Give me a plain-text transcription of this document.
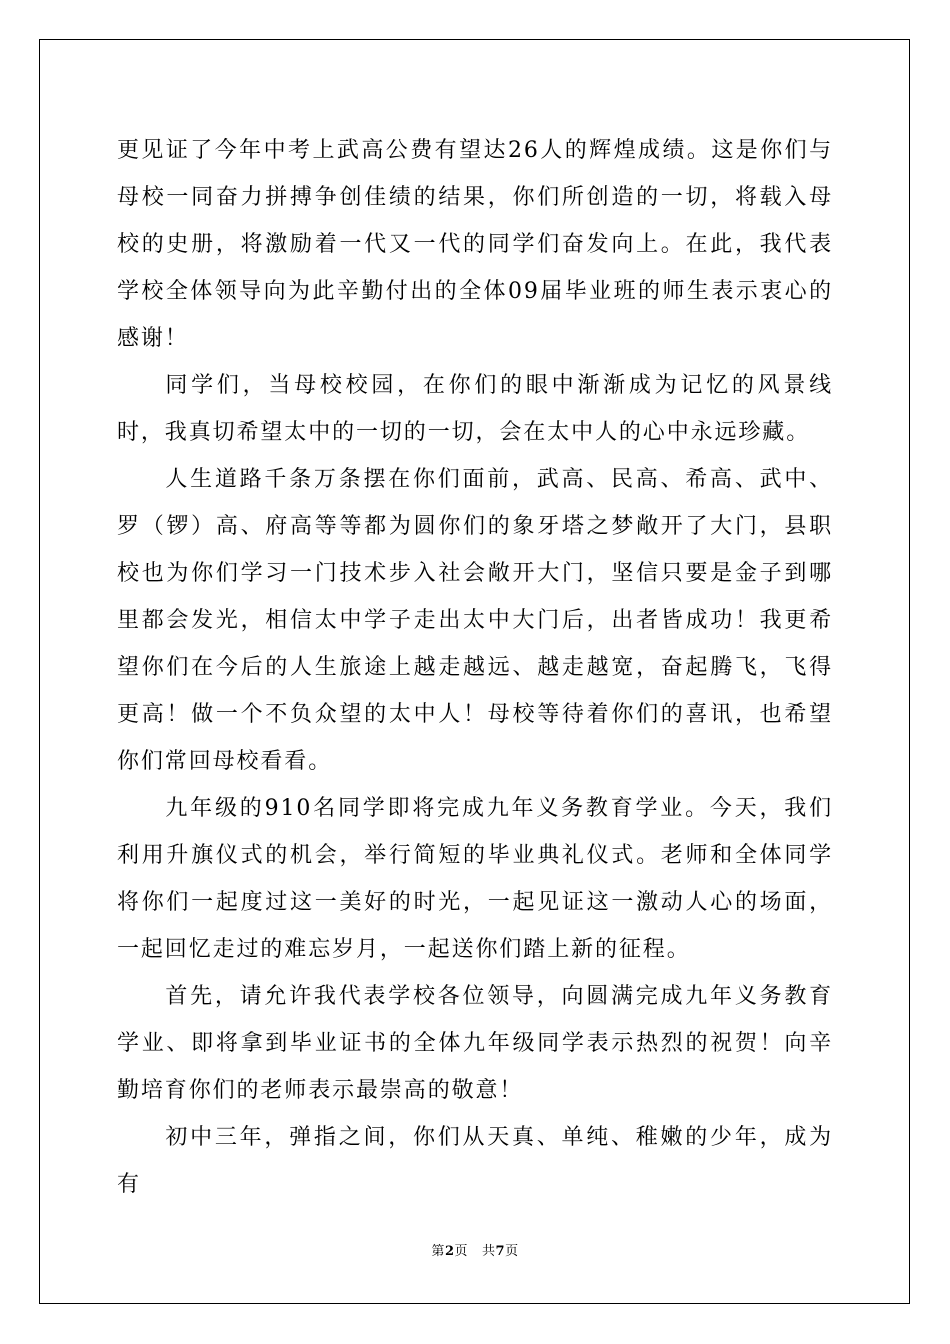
更见证了今年中考上武高公费有望达26人的辉煌成绩。这是你们与母校一同奋力拼搏争创佳绩的结果，你们所创造的一切，将载入母校的史册，将激励着一代又一代的同学们奋发向上。在此，我代表学校全体领导向为此辛勤付出的全体09届毕业班的师生表示衷心的感谢！

同学们，当母校校园，在你们的眼中渐渐成为记忆的风景线时，我真切希望太中的一切的一切，会在太中人的心中永远珍藏。

人生道路千条万条摆在你们面前，武高、民高、希高、武中、罗（锣）高、府高等等都为圆你们的象牙塔之梦敞开了大门，县职校也为你们学习一门技术步入社会敞开大门，坚信只要是金子到哪里都会发光，相信太中学子走出太中大门后，出者皆成功！我更希望你们在今后的人生旅途上越走越远、越走越宽，奋起腾飞，飞得更高！做一个不负众望的太中人！母校等待着你们的喜讯，也希望你们常回母校看看。

九年级的910名同学即将完成九年义务教育学业。今天，我们利用升旗仪式的机会，举行简短的毕业典礼仪式。老师和全体同学将你们一起度过这一美好的时光，一起见证这一激动人心的场面，一起回忆走过的难忘岁月，一起送你们踏上新的征程。

首先，请允许我代表学校各位领导，向圆满完成九年义务教育学业、即将拿到毕业证书的全体九年级同学表示热烈的祝贺！向辛勤培育你们的老师表示最崇高的敬意！

初中三年，弹指之间，你们从天真、单纯、稚嫩的少年，成为有

第2页 共7页
